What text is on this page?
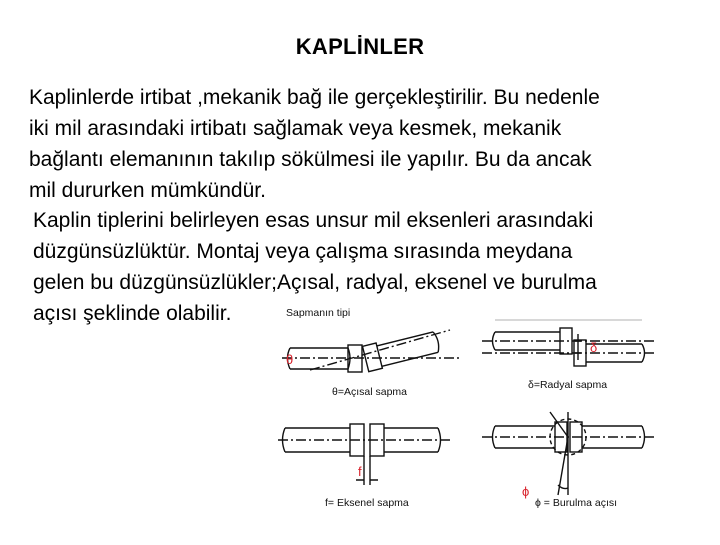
KAPLİNLER
Kaplinlerde irtibat ,mekanik bağ ile gerçekleştirilir. Bu nedenle
iki mil arasındaki irtibatı sağlamak veya kesmek, mekanik
bağlantı elemanının takılıp sökülmesi ile yapılır. Bu da ancak
mil dururken mümkündür.
Kaplin tiplerini belirleyen esas unsur mil eksenleri arasındaki
düzgünsüzlüktür. Montaj veya çalışma sırasında meydana
gelen bu düzgünsüzlükler;Açısal, radyal, eksenel ve burulma
açısı şeklinde olabilir.	Sapmanın tipi
θ=Açısal sapma
δ=Radyal sapma
f= Eksenel sapma	ϕ = Burulma açısı
θ
δ
f
ϕ
